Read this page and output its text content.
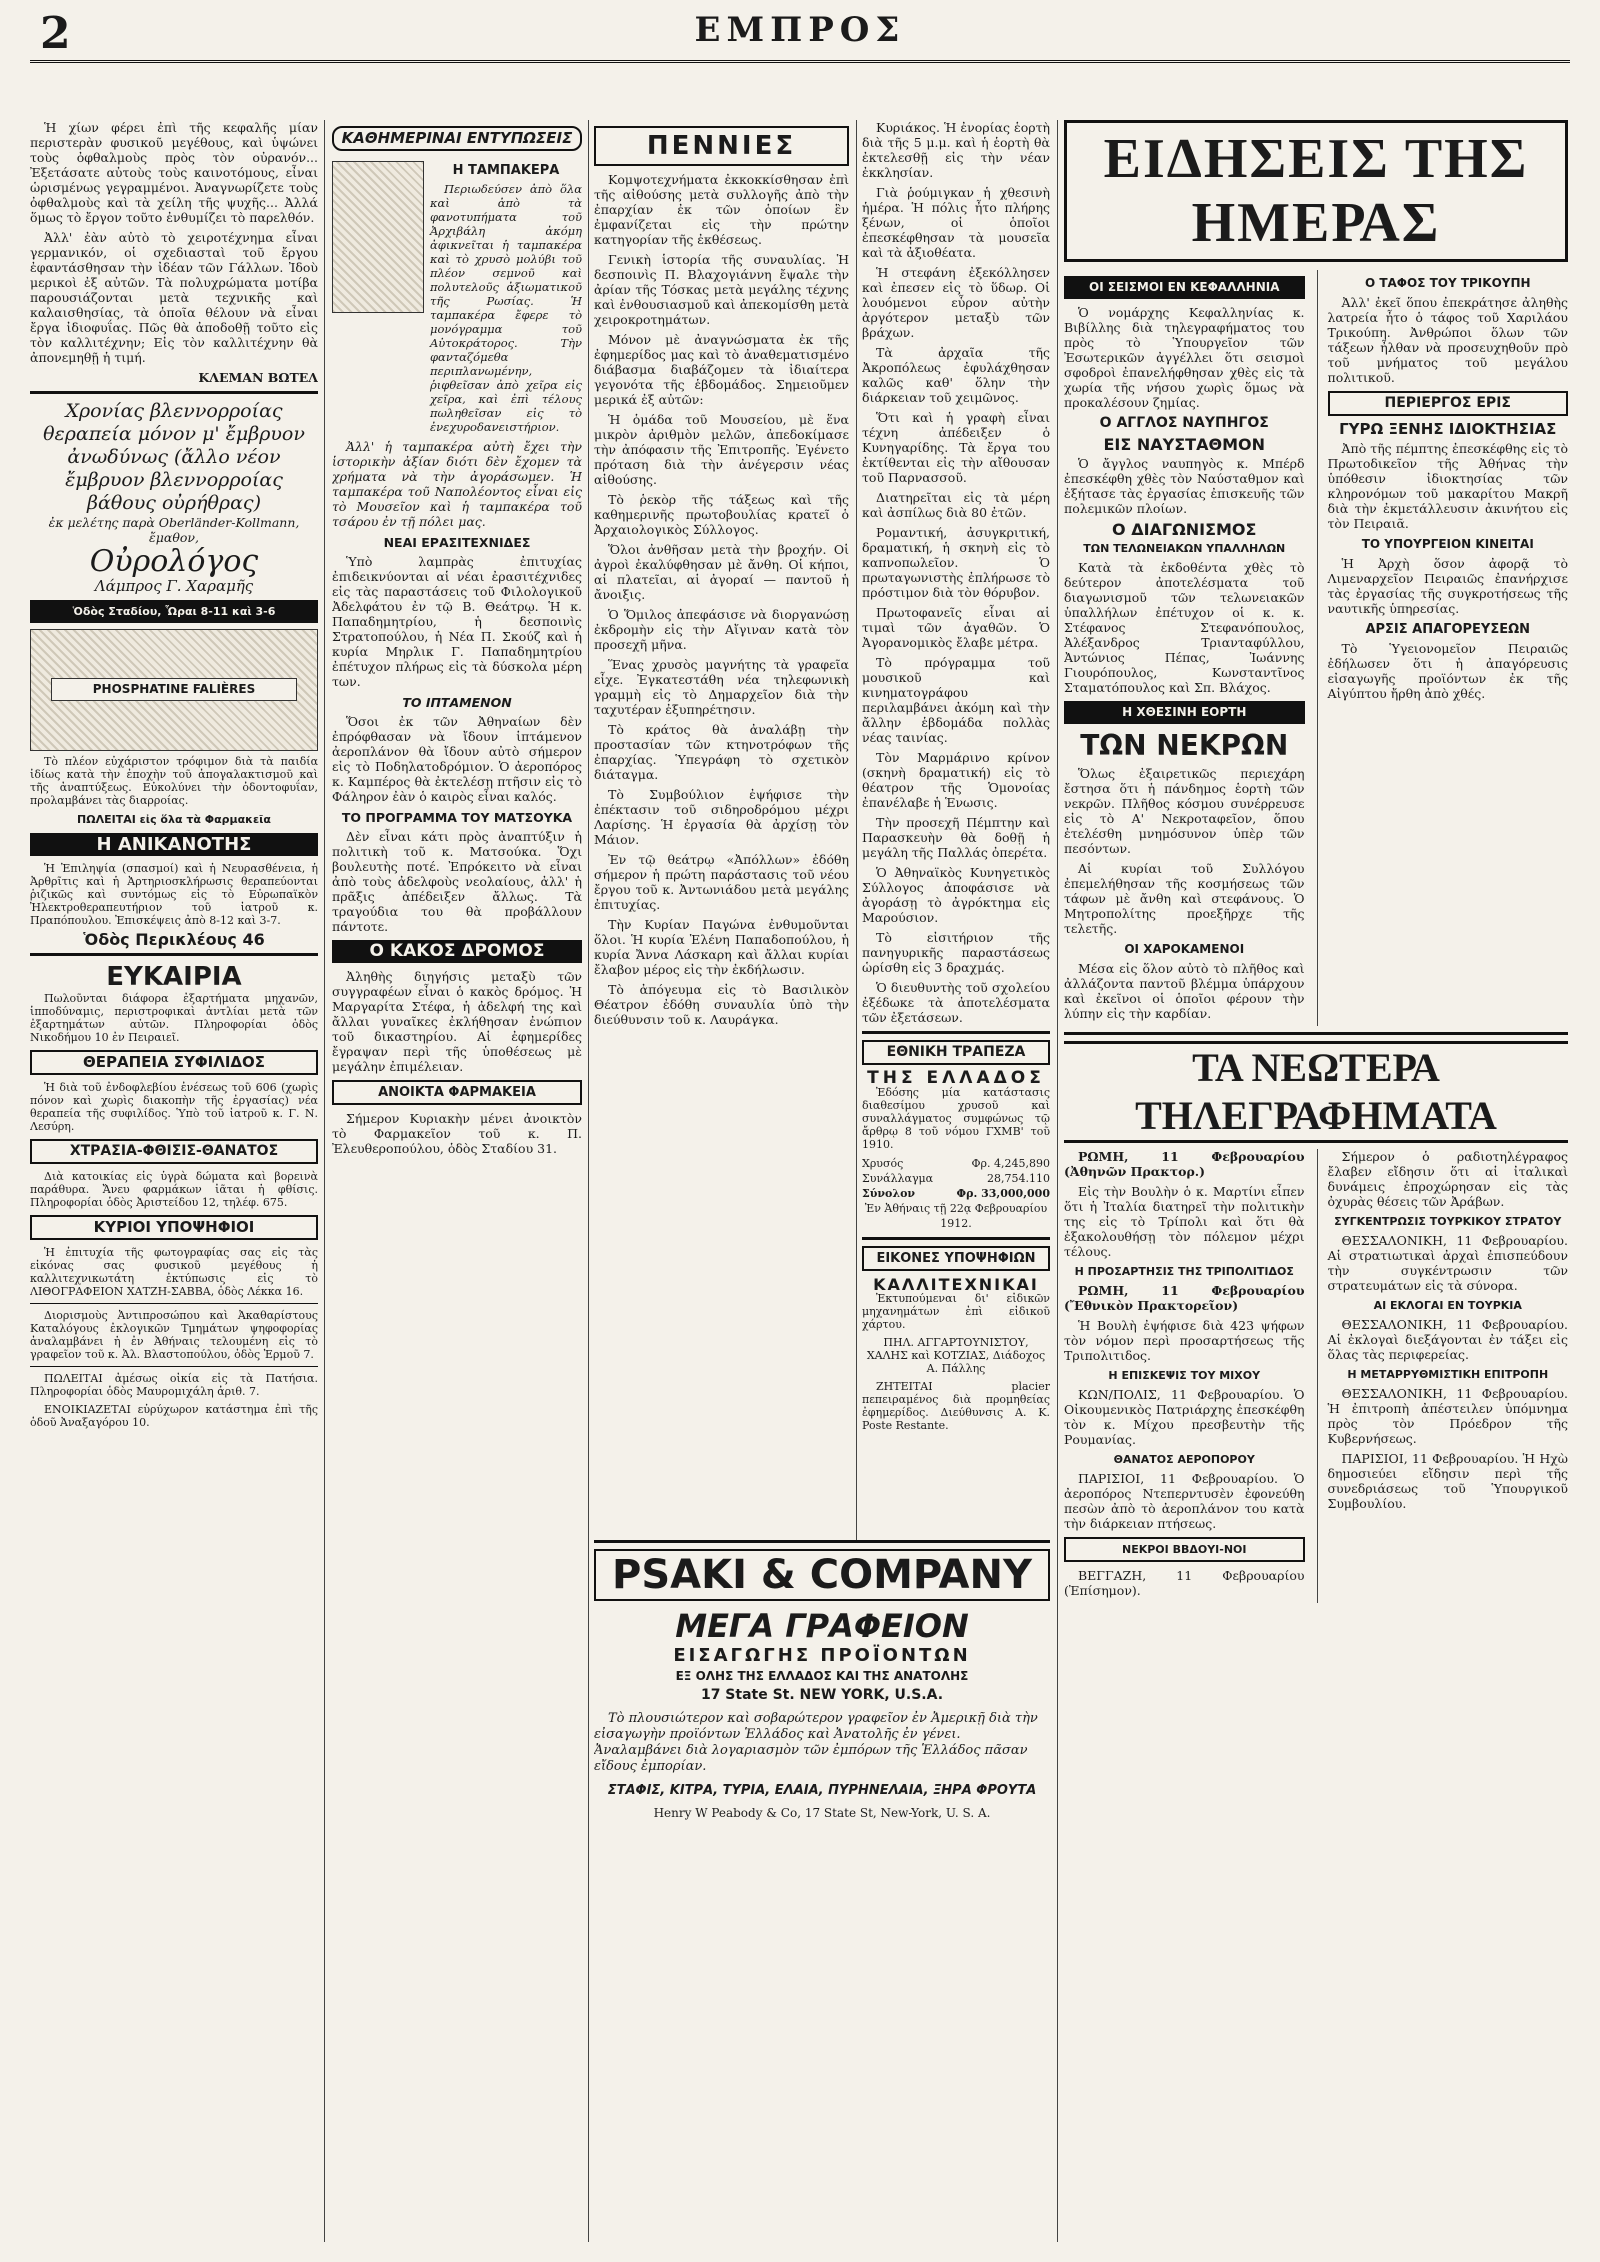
2	ΕΜΠΡΟΣ

Ἡ χίων φέρει ἐπὶ τῆς κεφαλῆς μίαν περιστερὰν φυσικοῦ μεγέθους, καὶ ὑψώνει τοὺς ὀφθαλμοὺς πρὸς τὸν οὐρανόν... Ἐξετάσατε αὐτοὺς τοὺς καινοτόμους, εἶναι ὡρισμένως γεγραμμένοι. Ἀναγνωρίζετε τοὺς ὀφθαλμοὺς καὶ τὰ χείλη τῆς ψυχῆς... Ἀλλά ὅμως τὸ ἔργον τοῦτο ἐνθυμίζει τὸ παρελθόν.

Ἀλλ' ἐὰν αὐτὸ τὸ χειροτέχνημα εἶναι γερμανικόν, οἱ σχεδιασταὶ τοῦ ἔργου ἐφαντάσθησαν τὴν ἰδέαν τῶν Γάλλων. Ἰδοὺ μερικοὶ ἐξ αὐτῶν. Τὰ πολυχρώματα μοτίβα παρουσιάζονται μετὰ τεχνικῆς καὶ καλαισθησίας, τὰ ὁποῖα θέλουν νὰ εἶναι ἔργα ἰδιοφυΐας. Πῶς θὰ ἀποδοθῇ τοῦτο εἰς τὸν καλλιτέχνην; Εἰς τὸν καλλιτέχνην θὰ ἀπονεμηθῇ ἡ τιμή.

ΚΛΕΜΑΝ ΒΩΤΕΛ
Χρονίας βλεννορροίας θεραπεία μόνον μ' ἔμβρυον ἀνωδύνως (ἄλλο νέον ἔμβρυον βλεννορροίας βάθους οὐρήθρας)
ἐκ μελέτης παρὰ Oberländer-Kollmann, ἔμαθον,
Οὐρολόγος
Λάμπρος Γ. Χαραμῆς
Ὁδὸς Σταδίου, Ὧραι 8-11 καὶ 3-6
PHOSPHATINE FALIÈRES

Τὸ πλέον εὐχάριστον τρόφιμον διὰ τὰ παιδία ἰδίως κατὰ τὴν ἐποχὴν τοῦ ἀπογαλακτισμοῦ καὶ τῆς ἀναπτύξεως. Εὐκολύνει τὴν ὀδοντοφυΐαν, προλαμβάνει τὰς διαρροίας.

ΠΩΛΕΙΤΑΙ εἰς ὅλα τὰ Φαρμακεῖα
Η ΑΝΙΚΑΝΟΤΗΣ

Ἡ Ἐπιληψία (σπασμοί) καὶ ἡ Νευρασθένεια, ἡ Ἀρθρῖτις καὶ ἡ Ἀρτηριοσκλήρωσις θεραπεύονται ῥιζικῶς καὶ συντόμως εἰς τὸ Εὐρωπαϊκὸν Ἠλεκτροθεραπευτήριον τοῦ ἰατροῦ κ. Πραπόπουλου. Ἐπισκέψεις ἀπὸ 8-12 καὶ 3-7.

Ὁδὸς Περικλέους 46
ΕΥΚΑΙΡΙΑ

Πωλοῦνται διάφορα ἐξαρτήματα μηχανῶν, ἱπποδύναμις, περιστροφικαὶ ἀντλίαι μετὰ τῶν ἐξαρτημάτων αὐτῶν. Πληροφορίαι ὁδὸς Νικοδήμου 10 ἐν Πειραιεῖ.

ΘΕΡΑΠΕΙΑ ΣΥΦΙΛΙΔΟΣ

Ἡ διὰ τοῦ ἐνδοφλεβίου ἐνέσεως τοῦ 606 (χωρὶς πόνον καὶ χωρὶς διακοπὴν τῆς ἐργασίας) νέα θεραπεία τῆς συφιλίδος. Ὑπὸ τοῦ ἰατροῦ κ. Γ. Ν. Λεσύρη.

ΧΤΡΑΣΙΑ-ΦΘΙΣΙΣ-ΘΑΝΑΤΟΣ

Διὰ κατοικίας εἰς ὑγρὰ δώματα καὶ βορεινὰ παράθυρα. Ἄνευ φαρμάκων ἰᾶται ἡ φθίσις. Πληροφορίαι ὁδὸς Ἀριστείδου 12, τηλέφ. 675.

ΚΥΡΙΟΙ ΥΠΟΨΗΦΙΟΙ

Ἡ ἐπιτυχία τῆς φωτογραφίας σας εἰς τὰς εἰκόνας σας φυσικοῦ μεγέθους ἡ καλλιτεχνικωτάτη ἐκτύπωσις εἰς τὸ ΛΙΘΟΓΡΑΦΕΙΟΝ ΧΑΤΖΗ-ΣΑΒΒΑ, ὁδὸς Λέκκα 16.

Διορισμοὺς Ἀντιπροσώπου καὶ Ἀκαθαρίστους Καταλόγους ἐκλογικῶν Τμημάτων ψηφοφορίας ἀναλαμβάνει ἡ ἐν Ἀθήναις τελουμένη εἰς τὸ γραφεῖον τοῦ κ. Ἀλ. Βλαστοπούλου, ὁδὸς Ἑρμοῦ 7.

ΠΩΛΕΙΤΑΙ ἀμέσως οἰκία εἰς τὰ Πατήσια. Πληροφορίαι ὁδὸς Μαυρομιχάλη ἀριθ. 7.

ΕΝΟΙΚΙΑΖΕΤΑΙ εὐρύχωρον κατάστημα ἐπὶ τῆς ὁδοῦ Ἀναξαγόρου 10.

ΚΑΘΗΜΕΡΙΝΑΙ ΕΝΤΥΠΩΣΕΙΣ
Η ΤΑΜΠΑΚΕΡΑ

Περιωδεύσεν ἀπὸ ὅλα καὶ ἀπὸ τὰ φανοτυπήματα τοῦ Ἀρχιβάλη ἀκόμη ἀφικνεῖται ἡ ταμπακέρα καὶ τὸ χρυσὸ μολύβι τοῦ πλέον σεμνοῦ καὶ πολυτελοῦς ἀξιωματικοῦ τῆς Ρωσίας. Ἡ ταμπακέρα ἔφερε τὸ μονόγραμμα τοῦ Αὐτοκράτορος. Τὴν φανταζόμεθα περιπλανωμένην, ῥιφθεῖσαν ἀπὸ χεῖρα εἰς χεῖρα, καὶ ἐπὶ τέλους πωληθεῖσαν εἰς τὸ ἐνεχυροδανειστήριον.

Ἀλλ' ἡ ταμπακέρα αὐτὴ ἔχει τὴν ἱστορικὴν ἀξίαν διότι δὲν ἔχομεν τὰ χρήματα νὰ τὴν ἀγοράσωμεν. Ἡ ταμπακέρα τοῦ Ναπολέοντος εἶναι εἰς τὸ Μουσεῖον καὶ ἡ ταμπακέρα τοῦ τσάρου ἐν τῇ πόλει μας.

ΝΕΑΙ ΕΡΑΣΙΤΕΧΝΙΔΕΣ

Ὑπὸ λαμπρὰς ἐπιτυχίας ἐπιδεικνύονται αἱ νέαι ἐρασιτέχνιδες εἰς τὰς παραστάσεις τοῦ Φιλολογικοῦ Ἀδελφάτου ἐν τῷ Β. Θεάτρῳ. Ἡ κ. Παπαδημητρίου, ἡ δεσποινὶς Στρατοπούλου, ἡ Νέα Π. Σκούζ καὶ ἡ κυρία Μηρλικ Γ. Παπαδημητρίου ἐπέτυχον πλήρως εἰς τὰ δύσκολα μέρη των.

ΤΟ ΙΠΤΑΜΕΝΟΝ

Ὅσοι ἐκ τῶν Ἀθηναίων δὲν ἐπρόφθασαν νὰ ἴδουν ἱπτάμενον ἀεροπλάνον θὰ ἴδουν αὐτὸ σήμερον εἰς τὸ Ποδηλατοδρόμιον. Ὁ ἀεροπόρος κ. Καμπέρος θὰ ἐκτελέσῃ πτῆσιν εἰς τὸ Φάληρον ἐὰν ὁ καιρὸς εἶναι καλός.

ΤΟ ΠΡΟΓΡΑΜΜΑ ΤΟΥ ΜΑΤΣΟΥΚΑ

Δὲν εἶναι κάτι πρὸς ἀναπτύξιν ἡ πολιτικὴ τοῦ κ. Ματσούκα. Ὅχι βουλευτὴς ποτέ. Ἐπρόκειτο νὰ εἶναι ἀπὸ τοὺς ἀδελφοὺς νεολαίους, ἀλλ' ἡ πρᾶξις ἀπέδειξεν ἄλλως. Τὰ τραγούδια του θὰ προβάλλουν πάντοτε.

Ο ΚΑΚΟΣ ΔΡΟΜΟΣ

Ἀληθὴς διηγήσις μεταξὺ τῶν συγγραφέων εἶναι ὁ κακὸς δρόμος. Ἡ Μαργαρίτα Στέφα, ἡ ἀδελφή της καὶ ἄλλαι γυναῖκες ἐκλήθησαν ἐνώπιον τοῦ δικαστηρίου. Αἱ ἐφημερίδες ἔγραψαν περὶ τῆς ὑποθέσεως μὲ μεγάλην ἐπιμέλειαν.

ΑΝΟΙΚΤΑ ΦΑΡΜΑΚΕΙΑ

Σήμερον Κυριακὴν μένει ἀνοικτὸν τὸ Φαρμακεῖον τοῦ κ. Π. Ἐλευθεροπούλου, ὁδὸς Σταδίου 31.

ΠΕΝΝΙΕΣ

Κομψοτεχνήματα ἐκκοκκίσθησαν ἐπὶ τῆς αἰθούσης μετὰ συλλογῆς ἀπὸ τὴν ἐπαρχίαν ἐκ τῶν ὁποίων ἓν ἐμφανίζεται εἰς τὴν πρώτην κατηγορίαν τῆς ἐκθέσεως.

Γενικὴ ἱστορία τῆς συναυλίας. Ἡ δεσποινὶς Π. Βλαχογιάννη ἔψαλε τὴν ἀρίαν τῆς Τόσκας μετὰ μεγάλης τέχνης καὶ ἐνθουσιασμοῦ καὶ ἀπεκομίσθη μετὰ χειροκροτημάτων.

Μόνον μὲ ἀναγνώσματα ἐκ τῆς ἐφημερίδος μας καὶ τὸ ἀναθεματισμένο διάβασμα διαβάζομεν τὰ ἰδιαίτερα γεγονότα τῆς ἑβδομάδος. Σημειοῦμεν μερικά ἐξ αὐτῶν:

Ἡ ὁμάδα τοῦ Μουσείου, μὲ ἕνα μικρὸν ἀριθμὸν μελῶν, ἀπεδοκίμασε τὴν ἀπόφασιν τῆς Ἐπιτροπῆς. Ἐγένετο πρόταση διὰ τὴν ἀνέγερσιν νέας αἰθούσης.

Τὸ ῥεκὸρ τῆς τάξεως καὶ τῆς καθημερινῆς πρωτοβουλίας κρατεῖ ὁ Ἀρχαιολογικὸς Σύλλογος.

Ὅλοι ἀνθῆσαν μετὰ τὴν βροχήν. Οἱ ἀγροὶ ἐκαλύφθησαν μὲ ἄνθη. Οἱ κήποι, αἱ πλατεῖαι, αἱ ἀγοραί — παντοῦ ἡ ἄνοιξις.

Ὁ Ὅμιλος ἀπεφάσισε νὰ διοργανώσῃ ἐκδρομὴν εἰς τὴν Αἴγιναν κατὰ τὸν προσεχῆ μῆνα.

Ἕνας χρυσὸς μαγνήτης τὰ γραφεῖα εἶχε. Ἐγκατεστάθη νέα τηλεφωνικὴ γραμμὴ εἰς τὸ Δημαρχεῖον διὰ τὴν ταχυτέραν ἐξυπηρέτησιν.

Τὸ κράτος θὰ ἀναλάβῃ τὴν προστασίαν τῶν κτηνοτρόφων τῆς ἐπαρχίας. Ὑπεγράφη τὸ σχετικὸν διάταγμα.

Τὸ Συμβούλιον ἐψήφισε τὴν ἐπέκτασιν τοῦ σιδηροδρόμου μέχρι Λαρίσης. Ἡ ἐργασία θὰ ἀρχίσῃ τὸν Μάιον.

Ἐν τῷ θεάτρῳ «Ἀπόλλων» ἐδόθη σήμερον ἡ πρώτη παράστασις τοῦ νέου ἔργου τοῦ κ. Ἀντωνιάδου μετὰ μεγάλης ἐπιτυχίας.

Τὴν Κυρίαν Παγώνα ἐνθυμοῦνται ὅλοι. Ἡ κυρία Ἑλένη Παπαδοπούλου, ἡ κυρία Ἄννα Λάσκαρη καὶ ἄλλαι κυρίαι ἔλαβον μέρος εἰς τὴν ἐκδήλωσιν.

Τὸ ἀπόγευμα εἰς τὸ Βασιλικὸν Θέατρον ἐδόθη συναυλία ὑπὸ τὴν διεύθυνσιν τοῦ κ. Λαυράγκα.

Κυριάκος. Ἡ ἐνορίας ἑορτὴ διὰ τῆς 5 μ.μ. καὶ ἡ ἑορτὴ θὰ ἐκτελεσθῇ εἰς τὴν νέαν ἐκκλησίαν.

Γιὰ ῥούμιγκαν ἡ χθεσινὴ ἡμέρα. Ἡ πόλις ἦτο πλήρης ξένων, οἱ ὁποῖοι ἐπεσκέφθησαν τὰ μουσεῖα καὶ τὰ ἀξιοθέατα.

Ἡ στεφάνη ἐξεκόλλησεν καὶ ἐπεσεν εἰς τὸ ὕδωρ. Οἱ λουόμενοι εὗρον αὐτὴν ἀργότερον μεταξὺ τῶν βράχων.

Τὰ ἀρχαῖα τῆς Ἀκροπόλεως ἐφυλάχθησαν καλῶς καθ' ὅλην τὴν διάρκειαν τοῦ χειμῶνος.

Ὅτι καὶ ἡ γραφὴ εἶναι τέχνη ἀπέδειξεν ὁ Κυνηγαρίδης. Τὰ ἔργα του ἐκτίθενται εἰς τὴν αἴθουσαν τοῦ Παρνασσοῦ.

Διατηρεῖται εἰς τὰ μέρη καὶ ἀσπίλως διὰ 80 ἐτῶν.

Ρομαντική, ἀσυγκριτική, δραματική, ἡ σκηνὴ εἰς τὸ καπνοπωλεῖον. Ὁ πρωταγωνιστὴς ἐπλήρωσε τὸ πρόστιμον διὰ τὸν θόρυβον.

Πρωτοφανεῖς εἶναι αἱ τιμαὶ τῶν ἀγαθῶν. Ὁ Ἀγορανομικὸς ἔλαβε μέτρα.

Τὸ πρόγραμμα τοῦ μουσικοῦ καὶ κινηματογράφου περιλαμβάνει ἀκόμη καὶ τὴν ἄλλην ἑβδομάδα πολλὰς νέας ταινίας.

Τὸν Μαρμάρινο κρίνον (σκηνὴ δραματική) εἰς τὸ θέατρον τῆς Ὁμονοίας ἐπανέλαβε ἡ Ἑνωσις.

Τὴν προσεχῆ Πέμπτην καὶ Παρασκευὴν θὰ δοθῇ ἡ μεγάλη τῆς Παλλάς ὀπερέτα.

Ὁ Ἀθηναϊκὸς Κυνηγετικὸς Σύλλογος ἀποφάσισε νὰ ἀγοράσῃ τὸ ἀγρόκτημα εἰς Μαρούσιον.

Τὸ εἰσιτήριον τῆς πανηγυρικῆς παραστάσεως ὡρίσθη εἰς 3 δραχμάς.

Ὁ διευθυντὴς τοῦ σχολείου ἐξέδωκε τὰ ἀποτελέσματα τῶν ἐξετάσεων.

ΕΘΝΙΚΗ ΤΡΑΠΕΖΑ
ΤΗΣ ΕΛΛΑΔΟΣ

Ἐδόσης μία κατάστασις διαθεσίμου χρυσοῦ καὶ συναλλάγματος συμφώνως τῷ ἄρθρῳ 8 τοῦ νόμου ΓΧΜΒ' τοῦ 1910.

Χρυσός	Φρ. 4,245,890
Συνάλλαγμα	28,754.110
Σύνολον	Φρ. 33,000,000
Ἐν Ἀθήναις τῇ 22ᾳ Φεβρουαρίου 1912.
ΕΙΚΟΝΕΣ ΥΠΟΨΗΦΙΩΝ
ΚΑΛΛΙΤΕΧΝΙΚΑΙ

Ἐκτυπούμεναι δι' εἰδικῶν μηχανημάτων ἐπὶ εἰδικοῦ χάρτου.

ΠΗΛ. ΑΓΓΑΡΤΟΥΝΙΣΤΟΥ, ΧΑΛΗΣ καὶ ΚΟΤΖΙΑΣ, Διάδοχος Α. Πάλλης

ΖΗΤΕΙΤΑΙ placier πεπειραμένος διὰ προμηθείας ἐφημερίδος. Διεύθυνσις Α. Κ. Poste Restante.

PSAKI & COMPANY
ΜΕΓΑ ΓΡΑΦΕΙΟΝ
ΕΙΣΑΓΩΓΗΣ ΠΡΟΪΟΝΤΩΝ
ΕΞ ΟΛΗΣ ΤΗΣ ΕΛΛΑΔΟΣ ΚΑΙ ΤΗΣ ΑΝΑΤΟΛΗΣ
17 State St. NEW YORK, U.S.A.

Τὸ πλουσιώτερον καὶ σοβαρώτερον γραφεῖον ἐν Ἀμερικῇ διὰ τὴν εἰσαγωγὴν προϊόντων Ἑλλάδος καὶ Ἀνατολῆς ἐν γένει. Ἀναλαμβάνει διὰ λογαριασμὸν τῶν ἐμπόρων τῆς Ἑλλάδος πᾶσαν εἴδους ἐμπορίαν.

ΣΤΑΦΙΣ, ΚΙΤΡΑ, ΤΥΡΙΑ, ΕΛΑΙΑ, ΠΥΡΗΝΕΛΑΙΑ, ΞΗΡΑ ΦΡΟΥΤΑ
Henry W Peabody & Co, 17 State St, New-York, U. S. A.
ΕΙΔΗΣΕΙΣ ΤΗΣ ΗΜΕΡΑΣ
ΟΙ ΣΕΙΣΜΟΙ ΕΝ ΚΕΦΑΛΛΗΝΙΑ

Ὁ νομάρχης Κεφαλληνίας κ. Βιβίλλης διὰ τηλεγραφήματος του πρὸς τὸ Ὑπουργεῖον τῶν Ἐσωτερικῶν ἀγγέλλει ὅτι σεισμοὶ σφοδροὶ ἐπανελήφθησαν χθὲς εἰς τὰ χωρία τῆς νήσου χωρὶς ὅμως νὰ προκαλέσουν ζημίας.

Ο ΑΓΓΛΟΣ ΝΑΥΠΗΓΟΣ
ΕΙΣ ΝΑΥΣΤΑΘΜΟΝ

Ὁ ἄγγλος ναυπηγὸς κ. Μπέρδ ἐπεσκέφθη χθὲς τὸν Ναύσταθμον καὶ ἐξήτασε τὰς ἐργασίας ἐπισκευῆς τῶν πολεμικῶν πλοίων.

Ο ΔΙΑΓΩΝΙΣΜΟΣ
ΤΩΝ ΤΕΛΩΝΕΙΑΚΩΝ ΥΠΑΛΛΗΛΩΝ

Κατὰ τὰ ἐκδοθέντα χθὲς τὸ δεύτερον ἀποτελέσματα τοῦ διαγωνισμοῦ τῶν τελωνειακῶν ὑπαλλήλων ἐπέτυχον οἱ κ. κ. Στέφανος Στεφανόπουλος, Ἀλέξανδρος Τριανταφύλλου, Ἀντώνιος Πέπας, Ἰωάννης Γιουρόπουλος, Κωνσταντῖνος Σταματόπουλος καὶ Σπ. Βλάχος.

Η ΧΘΕΣΙΝΗ ΕΟΡΤΗ
ΤΩΝ ΝΕΚΡΩΝ

Ὅλως ἐξαιρετικῶς περιεχάρη ἔστησα ὅτι ἡ πάνδημος ἑορτὴ τῶν νεκρῶν. Πλῆθος κόσμου συνέρρευσε εἰς τὸ Α' Νεκροταφεῖον, ὅπου ἐτελέσθη μνημόσυνον ὑπὲρ τῶν πεσόντων.

Αἱ κυρίαι τοῦ Συλλόγου ἐπεμελήθησαν τῆς κοσμήσεως τῶν τάφων μὲ ἄνθη καὶ στεφάνους. Ὁ Μητροπολίτης προεξῆρχε τῆς τελετῆς.

ΟΙ ΧΑΡΟΚΑΜΕΝΟΙ

Μέσα εἰς ὅλον αὐτὸ τὸ πλῆθος καὶ ἀλλάζοντα παντοῦ βλέμμα ὑπάρχουν καὶ ἐκεῖνοι οἱ ὁποῖοι φέρουν τὴν λύπην εἰς τὴν καρδίαν.

Ο ΤΑΦΟΣ ΤΟΥ ΤΡΙΚΟΥΠΗ

Ἀλλ' ἐκεῖ ὅπου ἐπεκράτησε ἀληθὴς λατρεία ἦτο ὁ τάφος τοῦ Χαριλάου Τρικούπη. Ἀνθρώποι ὅλων τῶν τάξεων ἦλθαν νὰ προσευχηθοῦν πρὸ τοῦ μνήματος τοῦ μεγάλου πολιτικοῦ.

ΠΕΡΙΕΡΓΟΣ ΕΡΙΣ
ΓΥΡΩ ΞΕΝΗΣ ΙΔΙΟΚΤΗΣΙΑΣ

Ἀπὸ τῆς πέμπτης ἐπεσκέφθης εἰς τὸ Πρωτοδικεῖον τῆς Ἀθήνας τὴν ὑπόθεσιν ἰδιοκτησίας τῶν κληρονόμων τοῦ μακαρίτου Μακρῆ διὰ τὴν ἐκμετάλλευσιν ἀκινήτου εἰς τὸν Πειραιᾶ.

ΤΟ ΥΠΟΥΡΓΕΙΟΝ ΚΙΝΕΙΤΑΙ

Ἡ Ἀρχὴ ὅσον ἀφορᾷ τὸ Λιμεναρχεῖον Πειραιῶς ἐπανήρχισε τὰς ἐργασίας τῆς συγκροτήσεως τῆς ναυτικῆς ὑπηρεσίας.

ΑΡΣΙΣ ΑΠΑΓΟΡΕΥΣΕΩΝ

Τὸ Ὑγειονομεῖον Πειραιῶς ἐδήλωσεν ὅτι ἡ ἀπαγόρευσις εἰσαγωγῆς προϊόντων ἐκ τῆς Αἰγύπτου ἤρθη ἀπὸ χθές.

ΤΑ ΝΕΩΤΕΡΑ ΤΗΛΕΓΡΑΦΗΜΑΤΑ

ΡΩΜΗ, 11 Φεβρουαρίου (Ἀθηνῶν Πρακτορ.)

Εἰς τὴν Βουλὴν ὁ κ. Μαρτίνι εἶπεν ὅτι ἡ Ἰταλία διατηρεῖ τὴν πολιτικὴν της εἰς τὸ Τρίπολι καὶ ὅτι θὰ ἐξακολουθήσῃ τὸν πόλεμον μέχρι τέλους.

Η ΠΡΟΣΑΡΤΗΣΙΣ ΤΗΣ ΤΡΙΠΟΛΙΤΙΔΟΣ

ΡΩΜΗ, 11 Φεβρουαρίου (Ἔθνικὸν Πρακτορεῖον)

Ἡ Βουλὴ ἐψήφισε διὰ 423 ψήφων τὸν νόμον περὶ προσαρτήσεως τῆς Τριπολιτιδος.

Η ΕΠΙΣΚΕΨΙΣ ΤΟΥ ΜΙΧΟΥ

ΚΩΝ/ΠΟΛΙΣ, 11 Φεβρουαρίου. Ὁ Οἰκουμενικὸς Πατριάρχης ἐπεσκέφθη τὸν κ. Μίχου πρεσβευτὴν τῆς Ρουμανίας.

ΘΑΝΑΤΟΣ ΑΕΡΟΠΟΡΟΥ

ΠΑΡΙΣΙΟΙ, 11 Φεβρουαρίου. Ὁ ἀεροπόρος Ντεπερντυσὲν ἐφονεύθη πεσὼν ἀπὸ τὸ ἀεροπλάνον του κατὰ τὴν διάρκειαν πτήσεως.

ΝΕΚΡΟΙ ΒΒΔΟΥΙ-ΝΟΙ

ΒΕΓΓΑΖΗ, 11 Φεβρουαρίου (Ἐπίσημον).

Σήμερον ὁ ραδιοτηλέγραφος ἔλαβεν εἴδησιν ὅτι αἱ ἰταλικαὶ δυνάμεις ἐπροχώρησαν εἰς τὰς ὀχυρὰς θέσεις τῶν Ἀράβων.

ΣΥΓΚΕΝΤΡΩΣΙΣ ΤΟΥΡΚΙΚΟΥ ΣΤΡΑΤΟΥ

ΘΕΣΣΑΛΟΝΙΚΗ, 11 Φεβρουαρίου. Αἱ στρατιωτικαὶ ἀρχαὶ ἐπισπεύδουν τὴν συγκέντρωσιν τῶν στρατευμάτων εἰς τὰ σύνορα.

ΑΙ ΕΚΛΟΓΑΙ ΕΝ ΤΟΥΡΚΙΑ

ΘΕΣΣΑΛΟΝΙΚΗ, 11 Φεβρουαρίου. Αἱ ἐκλογαὶ διεξάγονται ἐν τάξει εἰς ὅλας τὰς περιφερείας.

Η ΜΕΤΑΡΡΥΘΜΙΣΤΙΚΗ ΕΠΙΤΡΟΠΗ

ΘΕΣΣΑΛΟΝΙΚΗ, 11 Φεβρουαρίου. Ἡ ἐπιτροπὴ ἀπέστειλεν ὑπόμνημα πρὸς τὸν Πρόεδρον τῆς Κυβερνήσεως.

ΠΑΡΙΣΙΟΙ, 11 Φεβρουαρίου. Ἡ Ηχὼ δημοσιεύει εἴδησιν περὶ τῆς συνεδριάσεως τοῦ Ὑπουργικοῦ Συμβουλίου.
